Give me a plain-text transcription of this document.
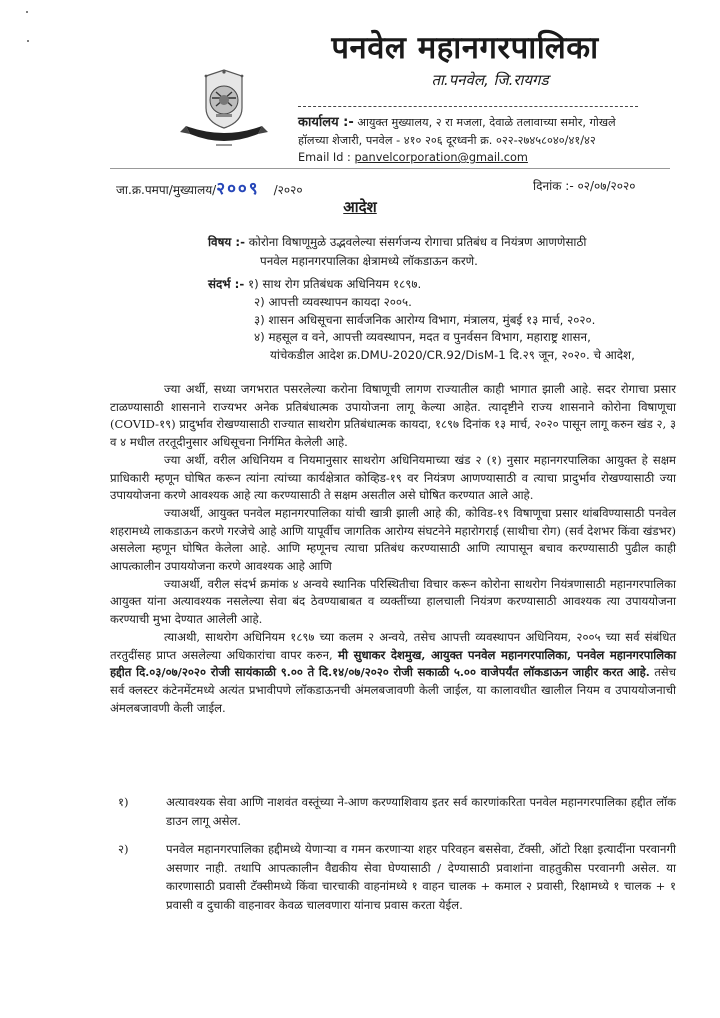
पनवेल महानगरपालिका
ता.पनवेल, जि.रायगड
कार्यालय :- आयुक्त मुख्यालय, २ रा मजला, देवाळे तलावाच्या समोर, गोखले
हॉलच्या शेजारी, पनवेल - ४१० २०६ दूरध्वनी क्र. ०२२-२७४५८०४०/४१/४२
Email Id : panvelcorporation@gmail.com
जा.क्र.पमपा/मुख्यालय/२००९ /२०२०	दिनांक :- ०२/०७/२०२०
आदेश
विषय :- कोरोना विषाणूमुळे उद्भवलेल्या संसर्गजन्य रोगाचा प्रतिबंध व नियंत्रण आणणेसाठी
पनवेल महानगरपालिका क्षेत्रामध्ये लॉकडाऊन करणे.
संदर्भ :- १) साथ रोग प्रतिबंधक अधिनियम १८९७.
२) आपत्ती व्यवस्थापन कायदा २००५.
३) शासन अधिसूचना सार्वजनिक आरोग्य विभाग, मंत्रालय, मुंबई १३ मार्च, २०२०.
४) महसूल व वने, आपत्ती व्यवस्थापन, मदत व पुनर्वसन विभाग, महाराष्ट्र शासन,
यांचेकडील आदेश क्र.DMU-2020/CR.92/DisM-1 दि.२९ जून, २०२०. चे आदेश,

ज्या अर्थी, सध्या जगभरात पसरलेल्या करोना विषाणूची लागण राज्यातील काही भागात झाली आहे. सदर रोगाचा प्रसार टाळण्यासाठी शासनाने राज्यभर अनेक प्रतिबंधात्मक उपायोजना लागू केल्या आहेत. त्यादृष्टीने राज्य शासनाने कोरोना विषाणूचा (COVID-१९) प्रादुर्भाव रोखण्यासाठी राज्यात साथरोग प्रतिबंधात्मक कायदा, १८९७ दिनांक १३ मार्च, २०२० पासून लागू करुन खंड २, ३ व ४ मधील तरतूदीनुसार अधिसूचना निर्गमित केलेली आहे.

ज्या अर्थी, वरील अधिनियम व नियमानुसार साथरोग अधिनियमाच्या खंड २ (१) नुसार महानगरपालिका आयुक्त हे सक्षम प्राधिकारी म्हणून घोषित करून त्यांना त्यांच्या कार्यक्षेत्रात कोव्हिड-१९ वर नियंत्रण आणण्यासाठी व त्याचा प्रादुर्भाव रोखण्यासाठी ज्या उपाययोजना करणे आवश्यक आहे त्या करण्यासाठी ते सक्षम असतील असे घोषित करण्यात आले आहे.

ज्याअर्थी, आयुक्त पनवेल महानगरपालिका यांची खात्री झाली आहे की, कोविड-१९ विषाणूचा प्रसार थांबविण्यासाठी पनवेल शहरामध्ये लाकडाऊन करणे गरजेचे आहे आणि यापूर्वीच जागतिक आरोग्य संघटनेने महारोगराई (साथीचा रोग) (सर्व देशभर किंवा खंडभर) असलेला म्हणून घोषित केलेला आहे. आणि म्हणूनच त्याचा प्रतिबंध करण्यासाठी आणि त्यापासून बचाव करण्यासाठी पुढील काही आपत्कालीन उपाययोजना करणे आवश्यक आहे आणि

ज्याअर्थी, वरील संदर्भ क्रमांक ४ अन्वये स्थानिक परिस्थितीचा विचार करून कोरोना साथरोग नियंत्रणासाठी महानगरपालिका आयुक्त यांना अत्यावश्यक नसलेल्या सेवा बंद ठेवण्याबाबत व व्यक्तींच्या हालचाली नियंत्रण करण्यासाठी आवश्यक त्या उपाययोजना करण्याची मुभा देण्यात आलेली आहे.

त्याअथी, साथरोग अधिनियम १८९७ च्या कलम २ अन्वये, तसेच आपत्ती व्यवस्थापन अधिनियम, २००५ च्या सर्व संबंधित तरतुदींसह प्राप्त असलेल्या अधिकारांचा वापर करुन, मी सुधाकर देशमुख, आयुक्त पनवेल महानगरपालिका, पनवेल महानगरपालिका हद्दीत दि.०३/०७/२०२० रोजी सायंकाळी ९.०० ते दि.१४/०७/२०२० रोजी सकाळी ५.०० वाजेपर्यंत लॉकडाऊन जाहीर करत आहे. तसेच सर्व क्लस्टर कंटेनमेंटमध्ये अत्यंत प्रभावीपणे लॉकडाऊनची अंमलबजावणी केली जाईल, या कालावधीत खालील नियम व उपाययोजनाची अंमलबजावणी केली जाईल.

१)	अत्यावश्यक सेवा आणि नाशवंत वस्तूंच्या ने-आण करण्याशिवाय इतर सर्व कारणांकरिता पनवेल महानगरपालिका हद्दीत लॉक डाउन लागू असेल.
२)	पनवेल महानगरपालिका हद्दीमध्ये येणाऱ्या व गमन करणाऱ्या शहर परिवहन बससेवा, टॅक्सी, ऑटो रिक्षा इत्यादींना परवानगी असणार नाही. तथापि आपत्कालीन वैद्यकीय सेवा घेण्यासाठी / देण्यासाठी प्रवाशांना वाहतुकीस परवानगी असेल. या कारणासाठी प्रवासी टॅक्सीमध्ये किंवा चारचाकी वाहनांमध्ये १ वाहन चालक + कमाल २ प्रवासी, रिक्षामध्ये १ चालक + १ प्रवासी व दुचाकी वाहनावर केवळ चालवणारा यांनाच प्रवास करता येईल.
